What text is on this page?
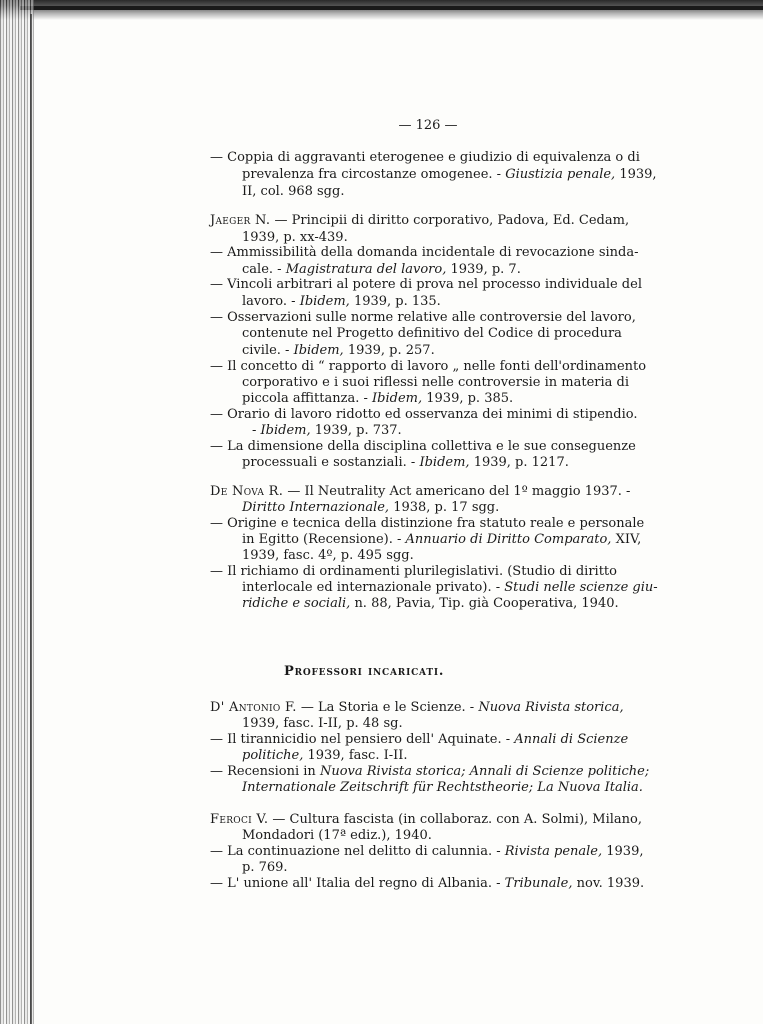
— 126 —
— Coppia di aggravanti eterogenee e giudizio di equivalenza o di
prevalenza fra circostanze omogenee. - Giustizia penale, 1939,
II, col. 968 sgg.
Jaeger N. — Principii di diritto corporativo, Padova, Ed. Cedam,
1939, p. xx-439.
— Ammissibilità della domanda incidentale di revocazione sinda-
cale. - Magistratura del lavoro, 1939, p. 7.
— Vincoli arbitrari al potere di prova nel processo individuale del
lavoro. - Ibidem, 1939, p. 135.
— Osservazioni sulle norme relative alle controversie del lavoro,
contenute nel Progetto definitivo del Codice di procedura
civile. - Ibidem, 1939, p. 257.
— Il concetto di “ rapporto di lavoro „ nelle fonti dell'ordinamento
corporativo e i suoi riflessi nelle controversie in materia di
piccola affittanza. - Ibidem, 1939, p. 385.
— Orario di lavoro ridotto ed osservanza dei minimi di stipendio.
- Ibidem, 1939, p. 737.
— La dimensione della disciplina collettiva e le sue conseguenze
processuali e sostanziali. - Ibidem, 1939, p. 1217.
De Nova R. — Il Neutrality Act americano del 1º maggio 1937. -
Diritto Internazionale, 1938, p. 17 sgg.
— Origine e tecnica della distinzione fra statuto reale e personale
in Egitto (Recensione). - Annuario di Diritto Comparato, XIV,
1939, fasc. 4º, p. 495 sgg.
— Il richiamo di ordinamenti plurilegislativi. (Studio di diritto
interlocale ed internazionale privato). - Studi nelle scienze giu-
ridiche e sociali, n. 88, Pavia, Tip. già Cooperativa, 1940.
Professori incaricati.
D' Antonio F. — La Storia e le Scienze. - Nuova Rivista storica,
1939, fasc. I-II, p. 48 sg.
— Il tirannicidio nel pensiero dell' Aquinate. - Annali di Scienze
politiche, 1939, fasc. I-II.
— Recensioni in Nuova Rivista storica; Annali di Scienze politiche;
Internationale Zeitschrift für Rechtstheorie; La Nuova Italia.
Feroci V. — Cultura fascista (in collaboraz. con A. Solmi), Milano,
Mondadori (17ª ediz.), 1940.
— La continuazione nel delitto di calunnia. - Rivista penale, 1939,
p. 769.
— L' unione all' Italia del regno di Albania. - Tribunale, nov. 1939.
